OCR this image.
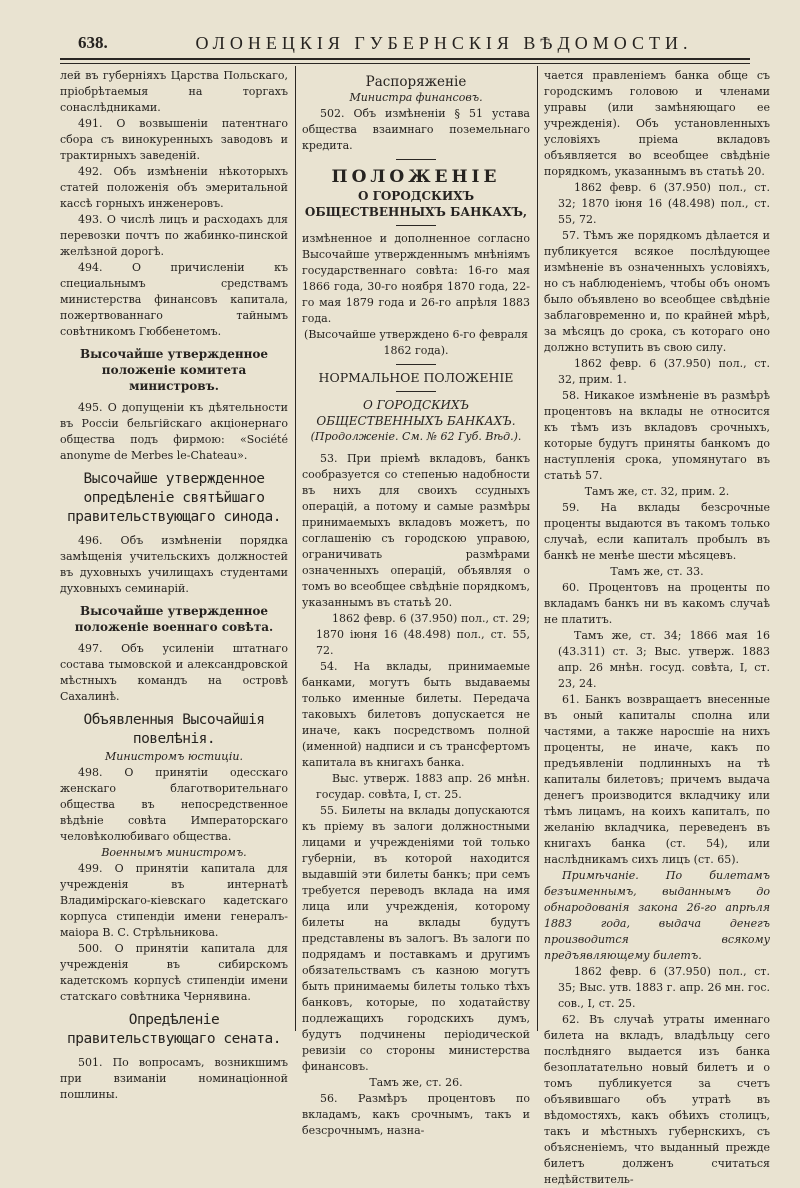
638.	ОЛОНЕЦКІЯ ГУБЕРНСКІЯ ВѢДОМОСТИ.

лей въ губерніяхъ Царства Польскаго, пріобрѣтаемыя на торгахъ сонаслѣдниками.

491. О возвышеніи патентнаго сбора съ винокуренныхъ заводовъ и трактирныхъ заведеній.

492. Объ измѣненіи нѣкоторыхъ статей положенія объ эмеритальной кассѣ горныхъ инженеровъ.

493. О числѣ лицъ и расходахъ для перевозки почтъ по жабинко-пинской желѣзной дорогѣ.

494. О причисленіи къ специальнымъ средствамъ министерства финансовъ капитала, пожертвованнаго тайнымъ совѣтникомъ Гюббенетомъ.

Высочайше утвержденное положеніе комитета министровъ.

495. О допущеніи къ дѣятельности въ Россіи бельгійскаго акціонернаго общества подъ фирмою: «Société anonyme de Merbes le-Chateau».

Высочайше утвержденное опредѣленіе святѣйшаго правительствующаго синода.

496. Объ измѣненіи порядка замѣщенія учительскихъ должностей въ духовныхъ училищахъ студентами духовныхъ семинарій.

Высочайше утвержденное положеніе военнаго совѣта.

497. Объ усиленіи штатнаго состава тымовской и александровской мѣстныхъ командъ на островѣ Сахалинѣ.

Объявленныя Высочайшія повелѣнія.

Министромъ юстиціи.

498. О принятіи одесскаго женскаго благотворительнаго общества въ непосредственное вѣдѣніе совѣта Императорскаго человѣколюбиваго общества.

Военнымъ министромъ.

499. О принятіи капитала для учрежденія въ интернатѣ Владимірскаго-кіевскаго кадетскаго корпуса стипендіи имени генералъ-маіора В. С. Стрѣльникова.

500. О принятіи капитала для учрежденія въ сибирскомъ кадетскомъ корпусѣ стипендіи имени статскаго совѣтника Чернявина.

Опредѣленіе правительствующаго сената.

501. По вопросамъ, возникшимъ при взиманіи номинаціонной пошлины.

Распоряженіе

Министра финансовъ.

502. Объ измѣненіи § 51 устава общества взаимнаго поземельнаго кредита.

ПОЛОЖЕНІЕ

О ГОРОДСКИХЪ ОБЩЕСТВЕННЫХЪ БАНКАХЪ,

измѣненное и дополненное согласно Высочайше утвержденнымъ мнѣніямъ государственнаго совѣта: 16-го мая 1866 года, 30-го ноября 1870 года, 22-го мая 1879 года и 26-го апрѣля 1883 года.

(Высочайше утверждено 6-го февраля 1862 года).

НОРМАЛЬНОЕ ПОЛОЖЕНІЕ

О ГОРОДСКИХЪ ОБЩЕСТВЕННЫХЪ БАНКАХЪ.

(Продолженіе. См. № 62 Губ. Вѣд.).

53. При пріемѣ вкладовъ, банкъ сообразуется со степенью надобности въ нихъ для своихъ ссудныхъ операцій, а потому и самые размѣры принимаемыхъ вкладовъ можетъ, по соглашенію съ городскою управою, ограничивать размѣрами означенныхъ операцій, объявляя о томъ во всеобщее свѣдѣніе порядкомъ, указаннымъ въ статьѣ 20.

1862 февр. 6 (37.950) пол., ст. 29; 1870 іюня 16 (48.498) пол., ст. 55, 72.

54. На вклады, принимаемые банками, могутъ быть выдаваемы только именные билеты. Передача таковыхъ билетовъ допускается не иначе, какъ посредствомъ полной (именной) надписи и съ трансфертомъ капитала въ книгахъ банка.

Выс. утверж. 1883 апр. 26 мнѣн. государ. совѣта, I, ст. 25.

55. Билеты на вклады допускаются къ пріему въ залоги должностными лицами и учрежденіями той только губерніи, въ которой находится выдавшій эти билеты банкъ; при семъ требуется переводъ вклада на имя лица или учрежденія, которому билеты на вклады будутъ представлены въ залогъ. Въ залоги по подрядамъ и поставкамъ и другимъ обязательствамъ съ казною могутъ быть принимаемы билеты только тѣхъ банковъ, которые, по ходатайству подлежащихъ городскихъ думъ, будутъ подчинены періодической ревизіи со стороны министерства финансовъ.

Тамъ же, ст. 26.

56. Размѣръ процентовъ по вкладамъ, какъ срочнымъ, такъ и безсрочнымъ, назна-

чается правленіемъ банка обще съ городскимъ головою и членами управы (или замѣняющаго ее учрежденія). Объ установленныхъ условіяхъ пріема вкладовъ объявляется во всеобщее свѣдѣніе порядкомъ, указаннымъ въ статьѣ 20.

1862 февр. 6 (37.950) пол., ст. 32; 1870 іюня 16 (48.498) пол., ст. 55, 72.

57. Тѣмъ же порядкомъ дѣлается и публикуется всякое послѣдующее измѣненіе въ означенныхъ условіяхъ, но съ наблюденіемъ, чтобы объ ономъ было объявлено во всеобщее свѣдѣніе заблаговременно и, по крайней мѣрѣ, за мѣсяцъ до срока, съ котораго оно должно вступить въ свою силу.

1862 февр. 6 (37.950) пол., ст. 32, прим. 1.

58. Никакое измѣненіе въ размѣрѣ процентовъ на вклады не относится къ тѣмъ изъ вкладовъ срочныхъ, которые будутъ приняты банкомъ до наступленія срока, упомянутаго въ статьѣ 57.

Тамъ же, ст. 32, прим. 2.

59. На вклады безсрочные проценты выдаются въ такомъ только случаѣ, если капиталъ пробылъ въ банкѣ не менѣе шести мѣсяцевъ.

Тамъ же, ст. 33.

60. Процентовъ на проценты по вкладамъ банкъ ни въ какомъ случаѣ не платитъ.

Тамъ же, ст. 34; 1866 мая 16 (43.311) ст. 3; Выс. утверж. 1883 апр. 26 мнѣн. госуд. совѣта, I, ст. 23, 24.

61. Банкъ возвращаетъ внесенные въ оный капиталы сполна или частями, а также наросшіе на нихъ проценты, не иначе, какъ по предъявленіи подлинныхъ на тѣ капиталы билетовъ; причемъ выдача денегъ производится вкладчику или тѣмъ лицамъ, на коихъ капиталъ, по желанію вкладчика, переведенъ въ книгахъ банка (ст. 54), или наслѣдникамъ сихъ лицъ (ст. 65).

Примѣчаніе. По билетамъ безъименнымъ, выданнымъ до обнародованія закона 26-го апрѣля 1883 года, выдача денегъ производится всякому предъявляющему билетъ.

1862 февр. 6 (37.950) пол., ст. 35; Выс. утв. 1883 г. апр. 26 мн. гос. сов., I, ст. 25.

62. Въ случаѣ утраты именнаго билета на вкладъ, владѣльцу сего послѣдняго выдается изъ банка безоплатательно новый билетъ и о томъ публикуется за счетъ объявившаго объ утратѣ въ вѣдомостяхъ, какъ обѣихъ столицъ, такъ и мѣстныхъ губернскихъ, съ объясненіемъ, что выданный прежде билетъ долженъ считаться недѣйствитель-
